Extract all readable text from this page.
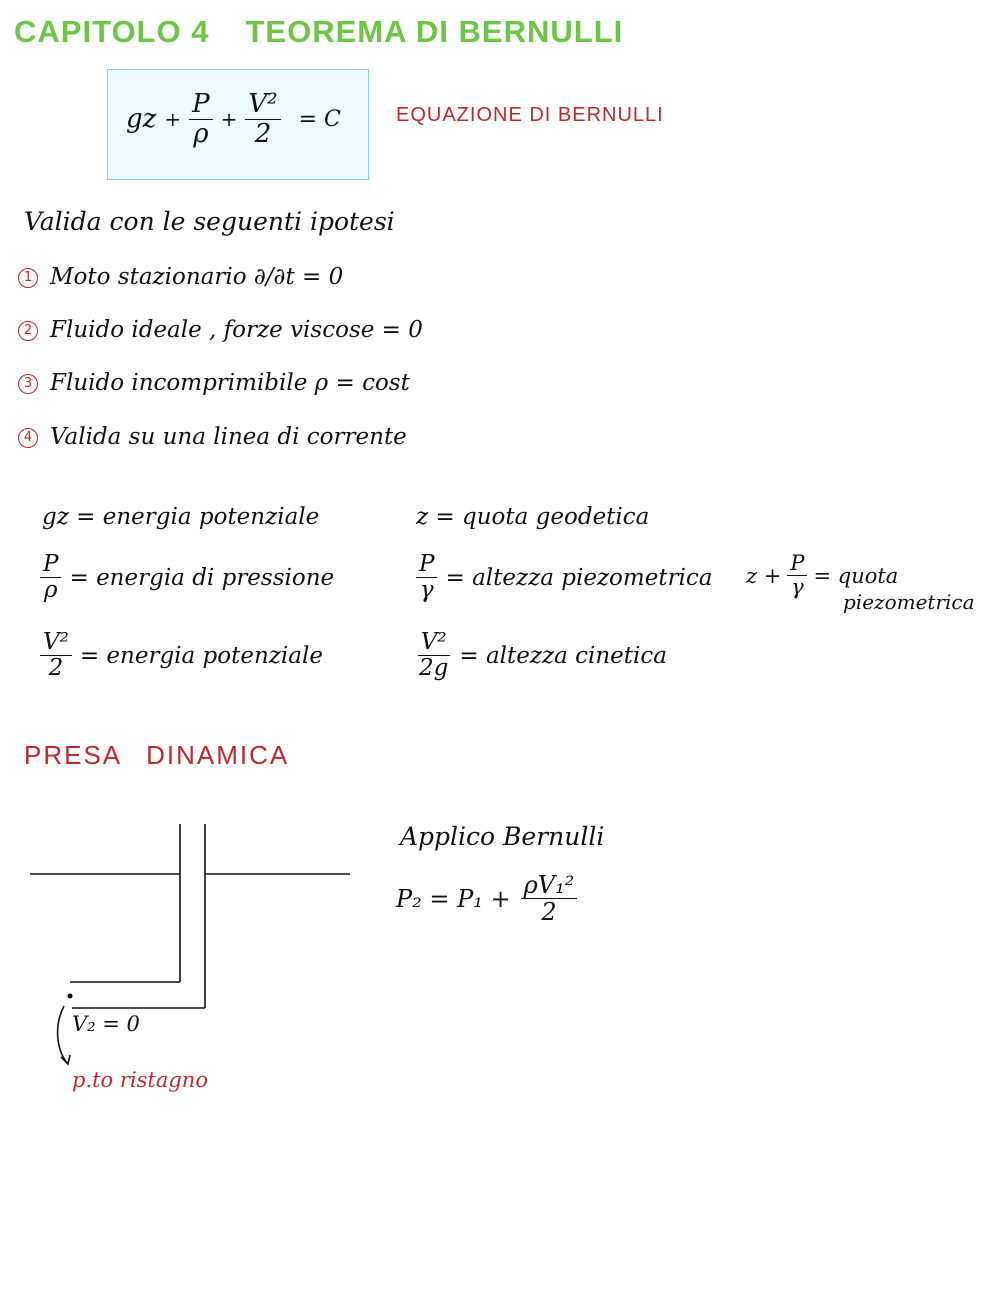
CAPITOLO 4 TEOREMA DI BERNULLI
gz + $\frac{P}{\rho} + \frac{\text{V²}}{2} = C$	EQUAZIONE DI BERNULLI
Valida con le seguenti ipotesi
1 Moto stazionario ∂/∂t = 0
2 Fluido ideale , forze viscose = 0
3 Fluido incomprimibile ρ = cost
4 Valida su una linea di corrente
gz = energia potenziale
$\frac{P}{\rho}$ = energia di pressione
$\frac{\text{V²}}{2}$ = energia potenziale
z = quota geodetica
$\frac{P}{\gamma}$ = altezza piezometrica
$\frac{\text{V²}}{2g}$ = altezza cinetica
$z + \frac{P}{\gamma}$ = quota
piezometrica
PRESA DINAMICA
V₂ = 0
p.to ristagno
Applico Bernulli
$P_2 = P_1 + \frac{\text{ρV₁²}}{2}$
